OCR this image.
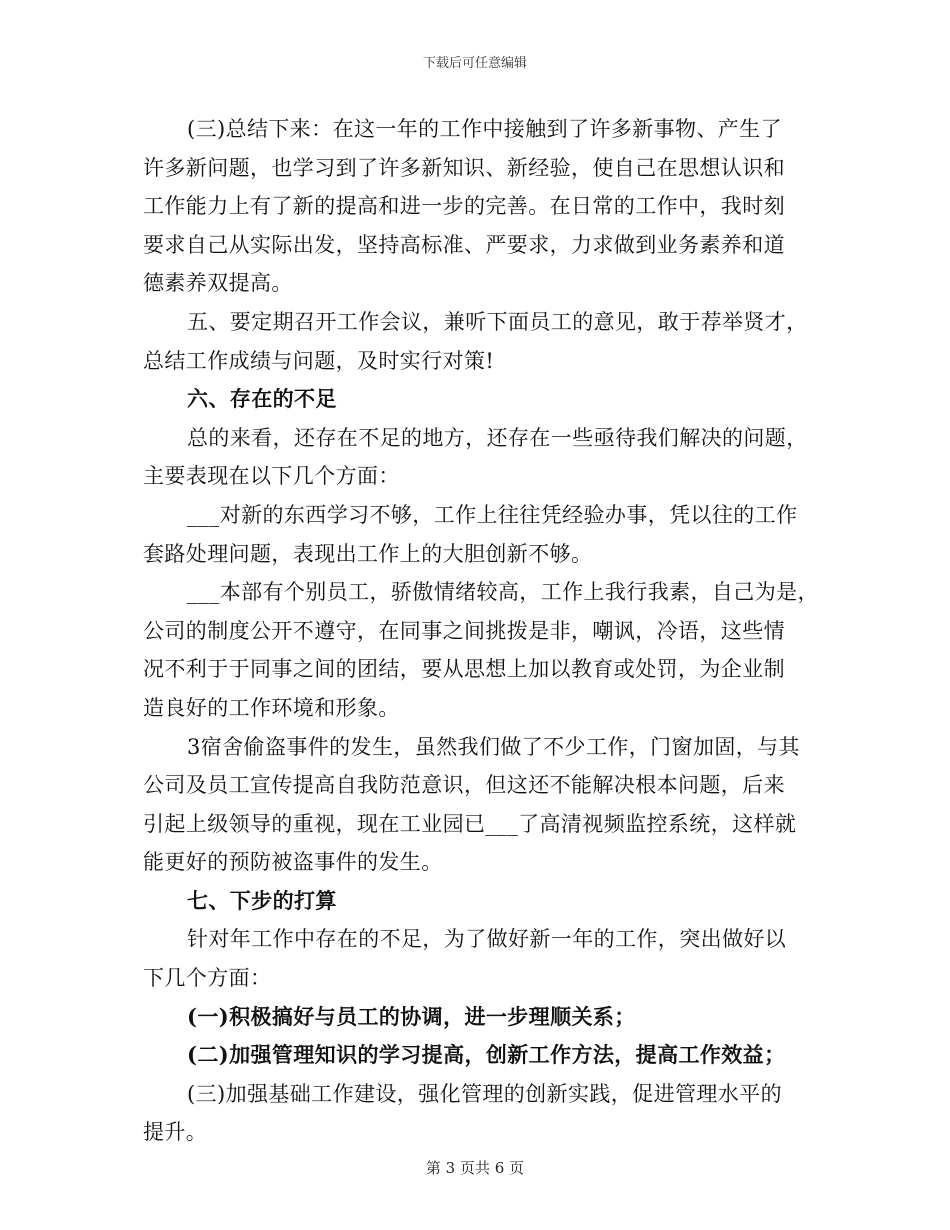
下载后可任意编辑
(三)总结下来：在这一年的工作中接触到了许多新事物、产生了
许多新问题，也学习到了许多新知识、新经验，使自己在思想认识和
工作能力上有了新的提高和进一步的完善。在日常的工作中，我时刻
要求自己从实际出发，坚持高标准、严要求，力求做到业务素养和道
德素养双提高。
五、要定期召开工作会议，兼听下面员工的意见，敢于荐举贤才，
总结工作成绩与问题，及时实行对策!
六、存在的不足
总的来看，还存在不足的地方，还存在一些亟待我们解决的问题，
主要表现在以下几个方面：
___对新的东西学习不够，工作上往往凭经验办事，凭以往的工作
套路处理问题，表现出工作上的大胆创新不够。
___本部有个别员工，骄傲情绪较高，工作上我行我素，自己为是，
公司的制度公开不遵守，在同事之间挑拨是非，嘲讽，冷语，这些情
况不利于于同事之间的团结，要从思想上加以教育或处罚，为企业制
造良好的工作环境和形象。
3宿舍偷盗事件的发生，虽然我们做了不少工作，门窗加固，与其
公司及员工宣传提高自我防范意识，但这还不能解决根本问题，后来
引起上级领导的重视，现在工业园已___了高清视频监控系统，这样就
能更好的预防被盗事件的发生。
七、下步的打算
针对年工作中存在的不足，为了做好新一年的工作，突出做好以
下几个方面：
(一)积极搞好与员工的协调，进一步理顺关系；
(二)加强管理知识的学习提高，创新工作方法，提高工作效益；
(三)加强基础工作建设，强化管理的创新实践，促进管理水平的
提升。
第 3 页共 6 页
